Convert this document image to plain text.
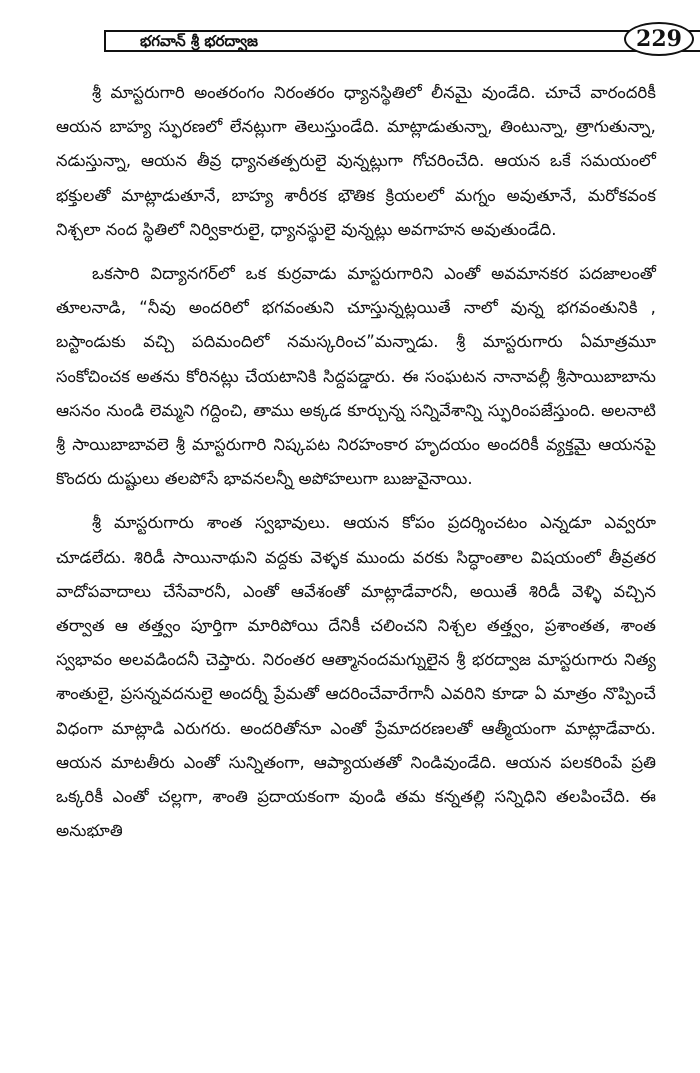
భగవాన్ శ్రీ భరద్వాజ	229

శ్రీ మాస్టరుగారి అంతరంగం నిరంతరం ధ్యానస్థితిలో లీనమై వుండేది. చూచే వారందరికీ ఆయన బాహ్య స్ఫురణలో లేనట్లుగా తెలుస్తుండేది. మాట్లాడుతున్నా, తింటున్నా, త్రాగుతున్నా, నడుస్తున్నా, ఆయన తీవ్ర ధ్యానతత్పరులై వున్నట్లుగా గోచరించేది. ఆయన ఒకే సమయంలో భక్తులతో మాట్లాడుతూనే, బాహ్య శారీరక భౌతిక క్రియలలో మగ్నం అవుతూనే, మరోకవంక నిశ్చలా నంద స్థితిలో నిర్వికారులై, ధ్యానస్థులై వున్నట్లు అవగాహన అవుతుండేది.

ఒకసారి విద్యానగర్‌లో ఒక కుర్రవాడు మాస్టరుగారిని ఎంతో అవమానకర పదజాలంతో తూలనాడి, “నీవు అందరిలో భగవంతుని చూస్తున్నట్లయితే నాలో వున్న భగవంతునికి , బస్టాండుకు వచ్చి పదిమందిలో నమస్కరించ”మన్నాడు. శ్రీ మాస్టరుగారు ఏమాత్రమూ సంకోచించక అతను కోరినట్లు చేయటానికి సిద్దపడ్డారు. ఈ సంఘటన నానావల్లీ శ్రీసాయిబాబాను ఆసనం నుండి లెమ్మని గద్దించి, తాము అక్కడ కూర్చున్న సన్నివేశాన్ని స్ఫురింపజేస్తుంది. అలనాటి శ్రీ సాయిబాబావలె శ్రీ మాస్టరుగారి నిష్కపట నిరహంకార హృదయం అందరికీ వ్యక్తమై ఆయనపై కొందరు దుష్టులు తలపోసే భావనలన్నీ అపోహలుగా బుజువైనాయి.

శ్రీ మాస్టరుగారు శాంత స్వభావులు. ఆయన కోపం ప్రదర్శించటం ఎన్నడూ ఎవ్వరూ చూడలేదు. శిరిడీ సాయినాథుని వద్దకు వెళ్ళక ముందు వరకు సిద్ధాంతాల విషయంలో తీవ్రతర వాదోపవాదాలు చేసేవారనీ, ఎంతో ఆవేశంతో మాట్లాడేవారనీ, అయితే శిరిడీ వెళ్ళి వచ్చిన తర్వాత ఆ తత్త్వం పూర్తిగా మారిపోయి దేనికీ చలించని నిశ్చల తత్త్వం, ప్రశాంతత, శాంత స్వభావం అలవడిందనీ చెప్తారు. నిరంతర ఆత్మానందమగ్నులైన శ్రీ భరద్వాజ మాస్టరుగారు నిత్య శాంతులై, ప్రసన్నవదనులై అందర్నీ ప్రేమతో ఆదరించేవారేగానీ ఎవరిని కూడా ఏ మాత్రం నొప్పించే విధంగా మాట్లాడి ఎరుగరు. అందరితోనూ ఎంతో ప్రేమాదరణలతో ఆత్మీయంగా మాట్లాడేవారు. ఆయన మాటతీరు ఎంతో సున్నితంగా, ఆప్యాయతతో నిండివుండేది. ఆయన పలకరింపే ప్రతి ఒక్కరికీ ఎంతో చల్లగా, శాంతి ప్రదాయకంగా వుండి తమ కన్నతల్లి సన్నిధిని తలపించేది. ఈ అనుభూతి
